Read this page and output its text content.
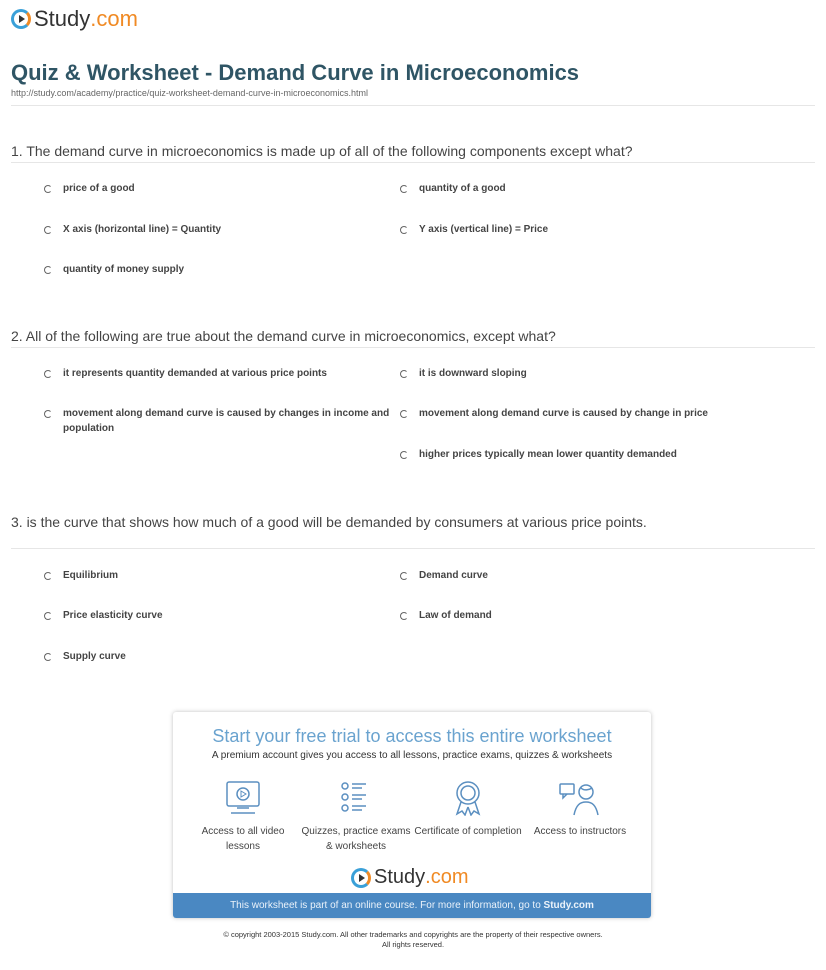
Study .com
Quiz & Worksheet - Demand Curve in Microeconomics
http://study.com/academy/practice/quiz-worksheet-demand-curve-in-microeconomics.html
1. The demand curve in microeconomics is made up of all of the following components except what?
2. All of the following are true about the demand curve in microeconomics, except what?
3. is the curve that shows how much of a good will be demanded by consumers at various price points.
price of a good	quantity of a good
X axis (horizontal line) = Quantity	Y axis (vertical line) = Price
quantity of money supply
it represents quantity demanded at various price points	it is downward sloping
movement along demand curve is caused by changes in income and population
movement along demand curve is caused by change in price
higher prices typically mean lower quantity demanded
Equilibrium	Demand curve
Price elasticity curve	Law of demand
Supply curve
Start your free trial to access this entire worksheet
A premium account gives you access to all lessons, practice exams, quizzes & worksheets
Access to all video lessons
Quizzes, practice exams & worksheets
Certificate of completion	Access to instructors
Study .com
This worksheet is part of an online course. For more information, go to Study.com
© copyright 2003-2015 Study.com. All other trademarks and copyrights are the property of their respective owners.
All rights reserved.
